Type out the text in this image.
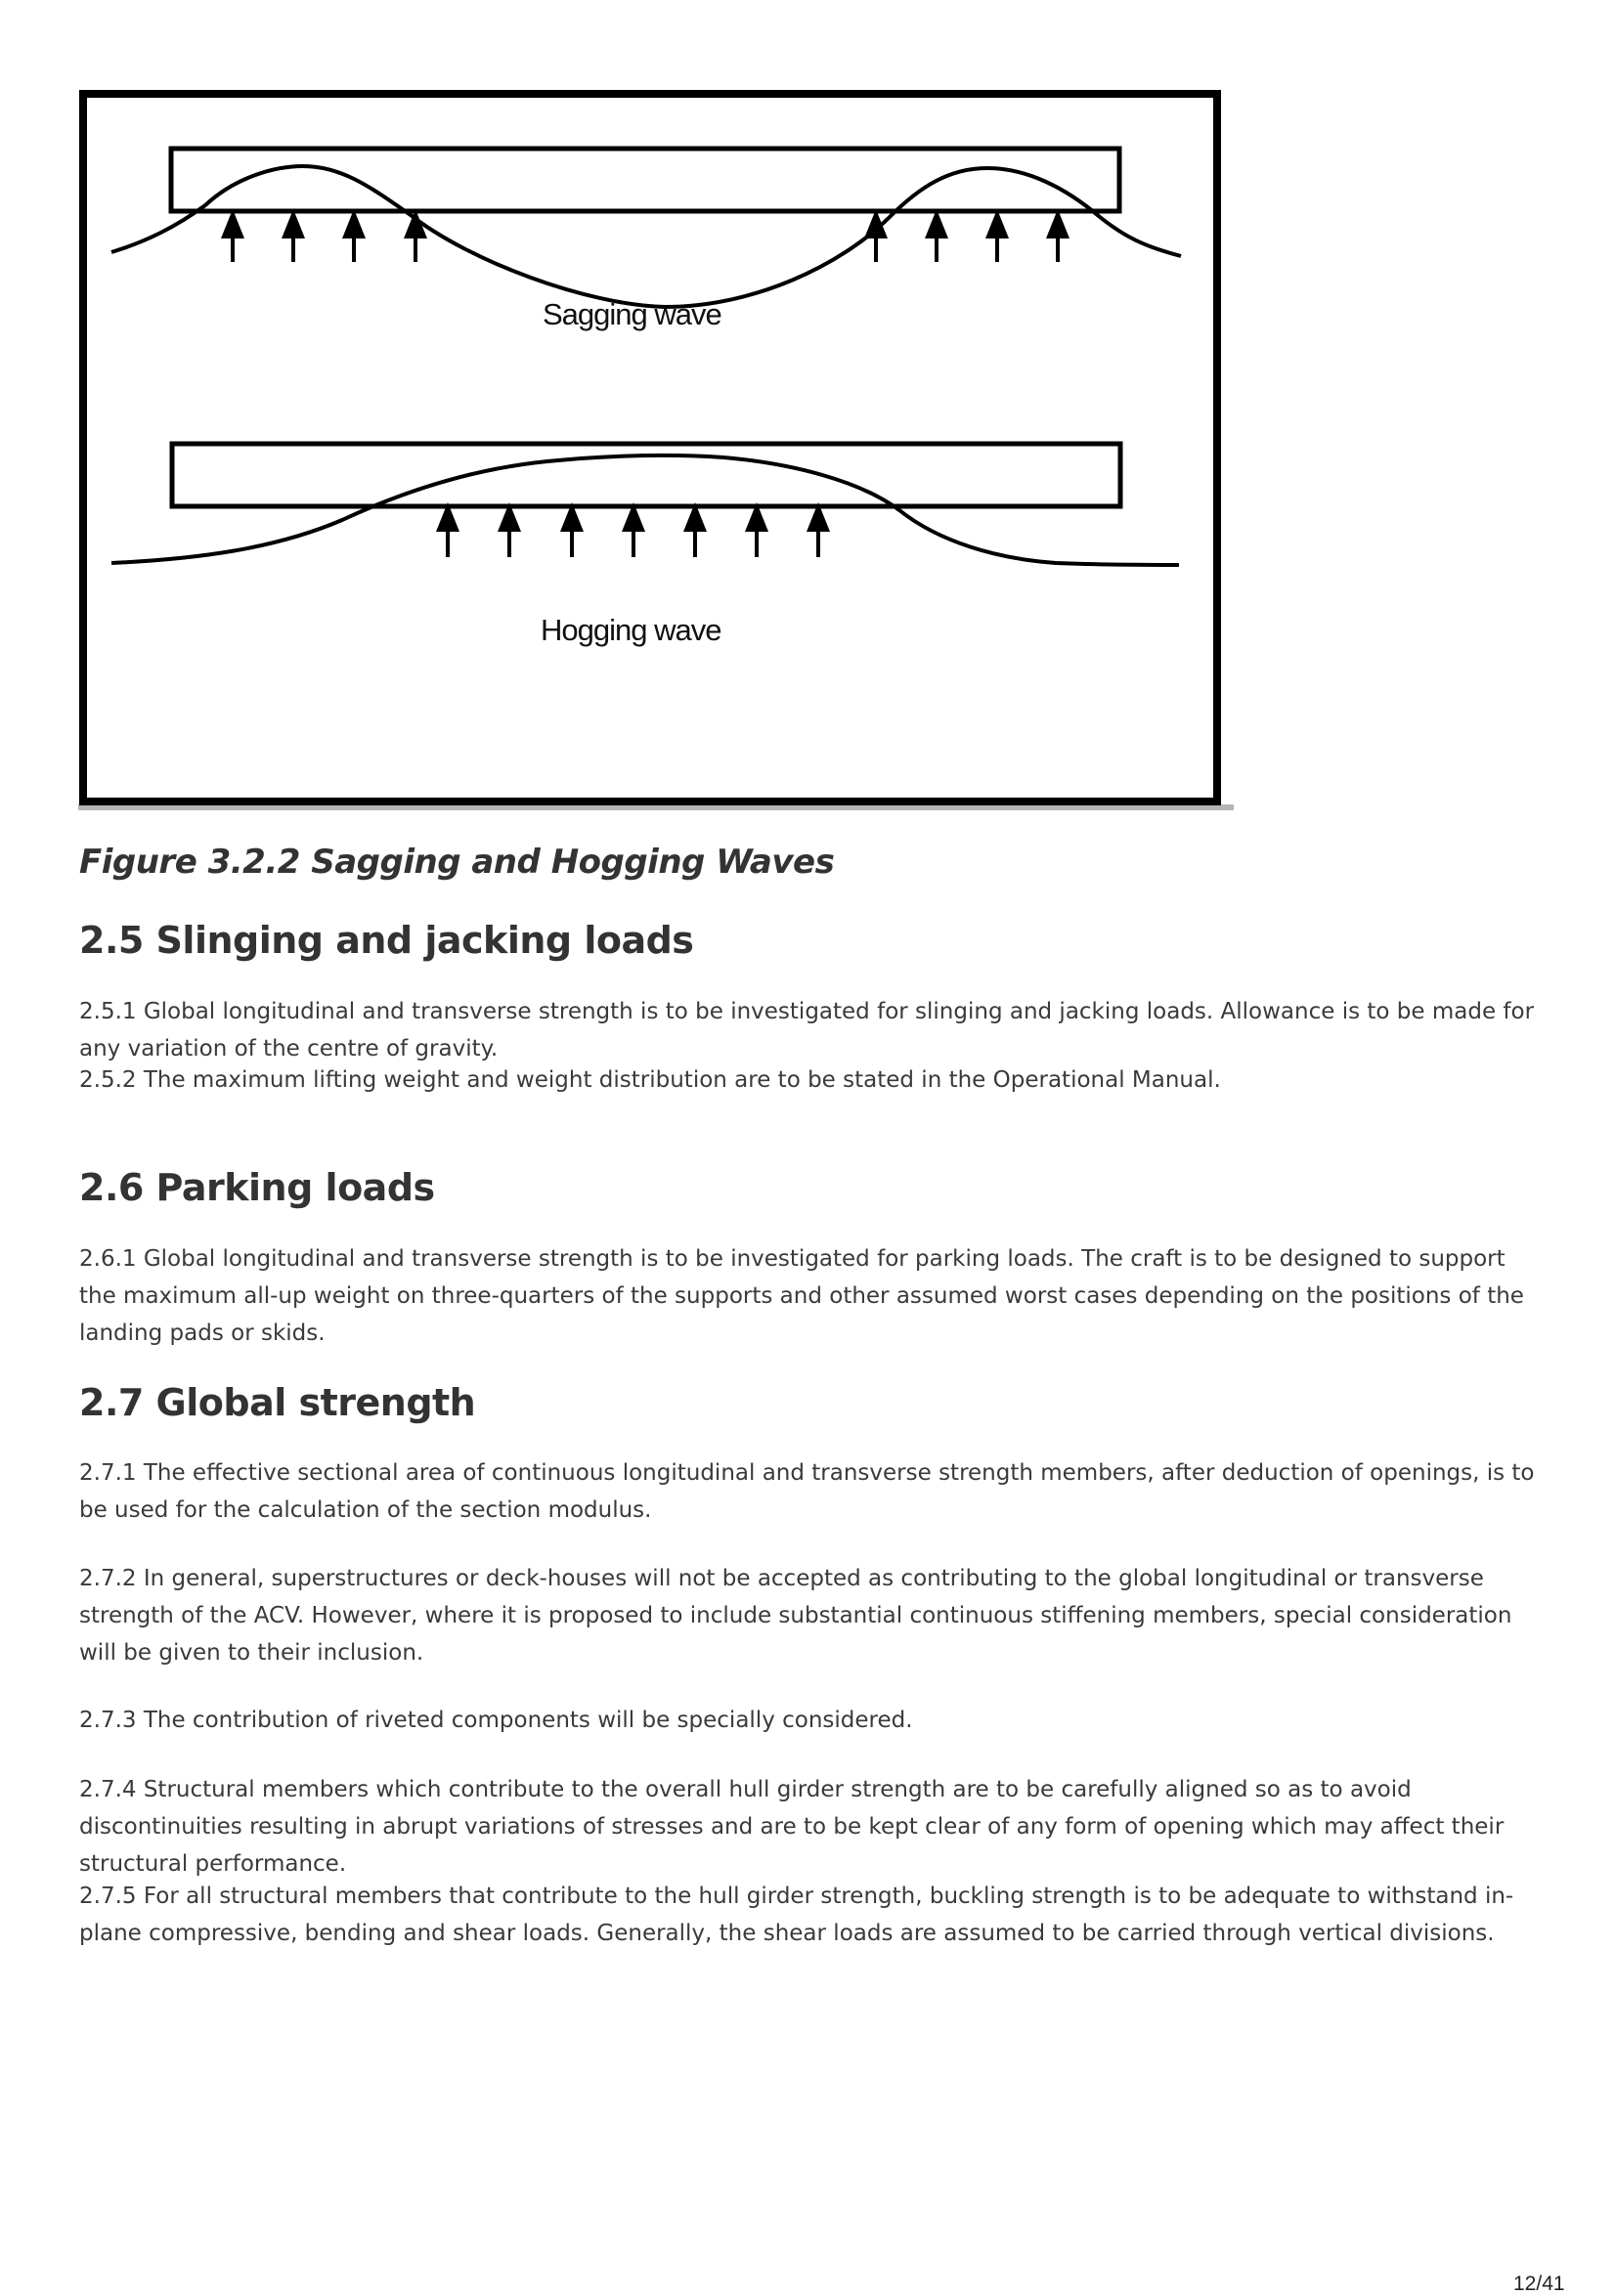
Sagging wave
Hogging wave
Figure 3.2.2 Sagging and Hogging Waves
2.5 Slinging and jacking loads

2.5.1 Global longitudinal and transverse strength is to be investigated for slinging and jacking loads. Allowance is to be made for any variation of the centre of gravity.

2.5.2 The maximum lifting weight and weight distribution are to be stated in the Operational Manual.

2.6 Parking loads

2.6.1 Global longitudinal and transverse strength is to be investigated for parking loads. The craft is to be designed to support the maximum all-up weight on three-quarters of the supports and other assumed worst cases depending on the positions of the landing pads or skids.

2.7 Global strength

2.7.1 The effective sectional area of continuous longitudinal and transverse strength members, after deduction of openings, is to be used for the calculation of the section modulus.

2.7.2 In general, superstructures or deck-houses will not be accepted as contributing to the global longitudinal or transverse strength of the ACV. However, where it is proposed to include substantial continuous stiffening members, special consideration will be given to their inclusion.

2.7.3 The contribution of riveted components will be specially considered.

2.7.4 Structural members which contribute to the overall hull girder strength are to be carefully aligned so as to avoid discontinuities resulting in abrupt variations of stresses and are to be kept clear of any form of opening which may affect their structural performance.

2.7.5 For all structural members that contribute to the hull girder strength, buckling strength is to be adequate to withstand in-plane compressive, bending and shear loads. Generally, the shear loads are assumed to be carried through vertical divisions.

12/41
